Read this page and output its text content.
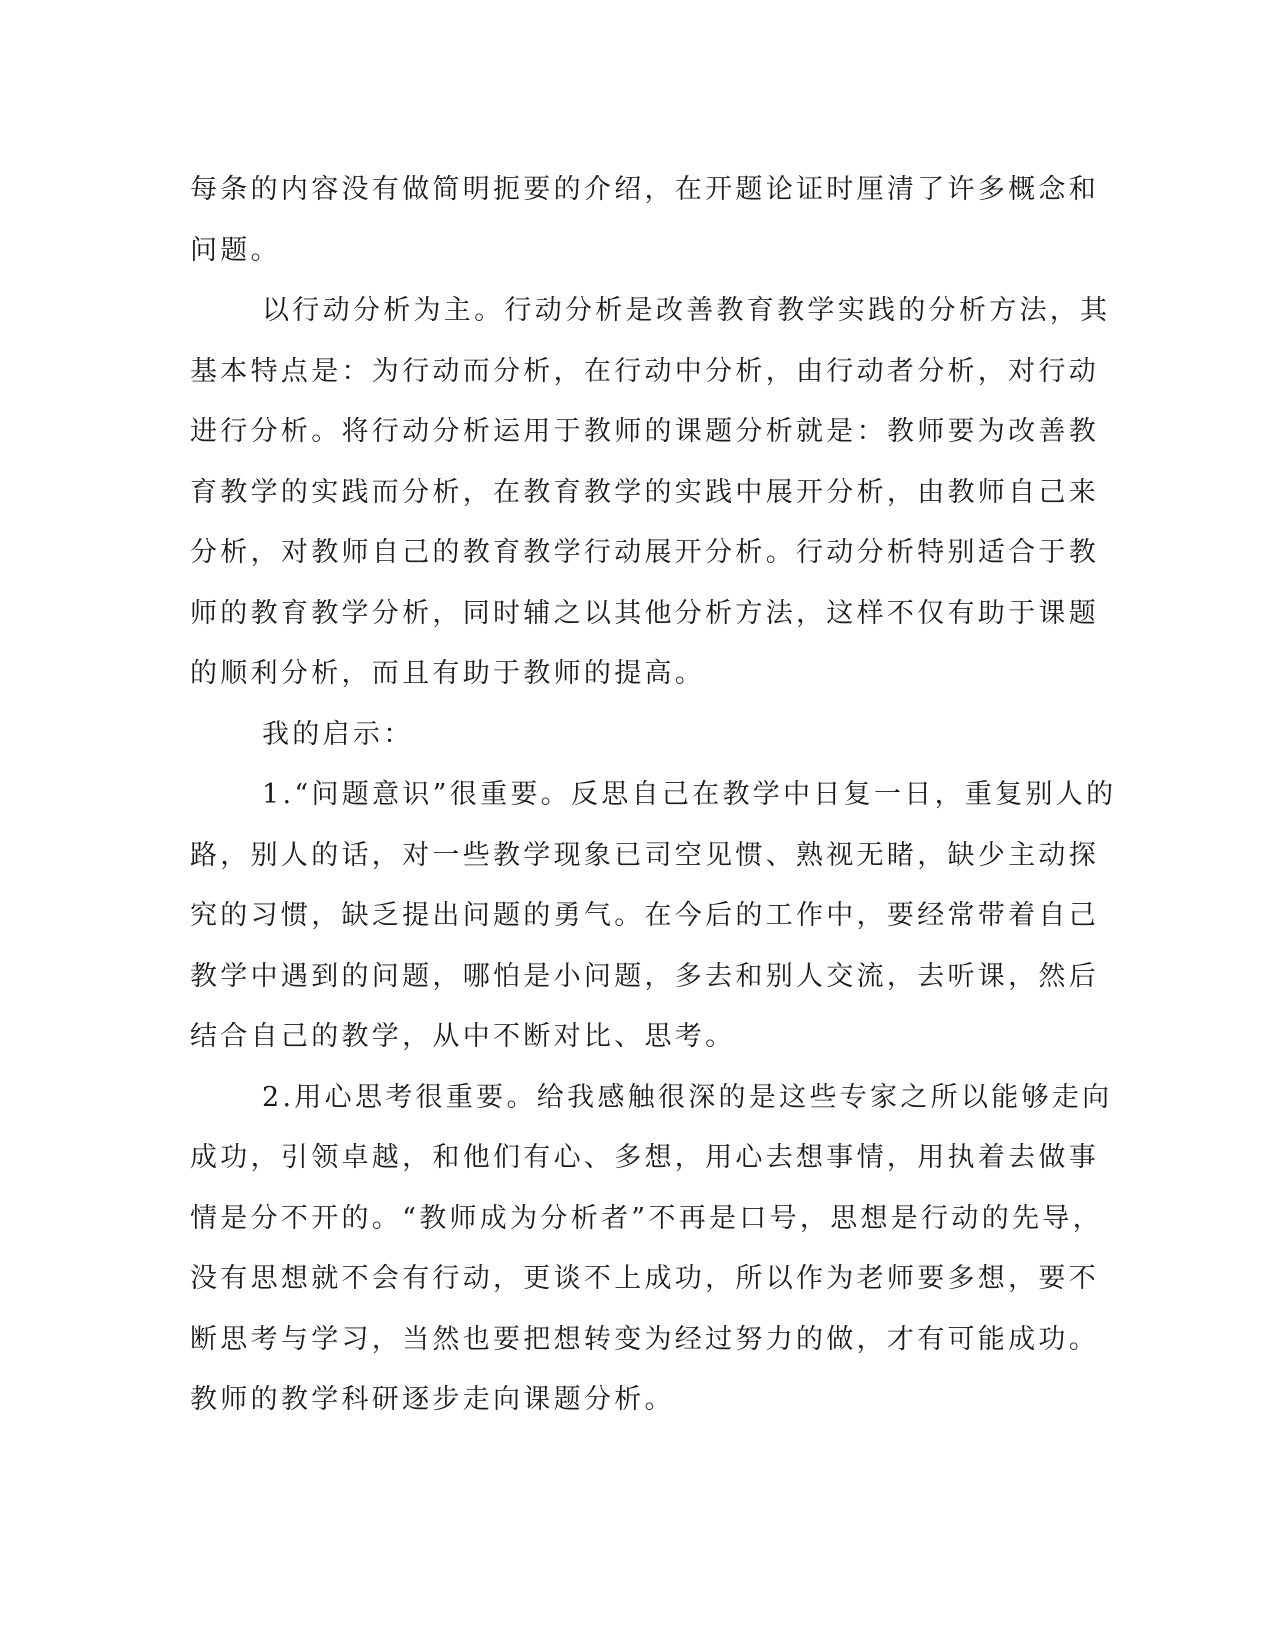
每条的内容没有做简明扼要的介绍，在开题论证时厘清了许多概念和
问题。
以行动分析为主。行动分析是改善教育教学实践的分析方法，其
基本特点是：为行动而分析，在行动中分析，由行动者分析，对行动
进行分析。将行动分析运用于教师的课题分析就是：教师要为改善教
育教学的实践而分析，在教育教学的实践中展开分析，由教师自己来
分析，对教师自己的教育教学行动展开分析。行动分析特别适合于教
师的教育教学分析，同时辅之以其他分析方法，这样不仅有助于课题
的顺利分析，而且有助于教师的提高。
我的启示：
1.“问题意识”很重要。反思自己在教学中日复一日，重复别人的
路，别人的话，对一些教学现象已司空见惯、熟视无睹，缺少主动探
究的习惯，缺乏提出问题的勇气。在今后的工作中，要经常带着自己
教学中遇到的问题，哪怕是小问题，多去和别人交流，去听课，然后
结合自己的教学，从中不断对比、思考。
2.用心思考很重要。给我感触很深的是这些专家之所以能够走向
成功，引领卓越，和他们有心、多想，用心去想事情，用执着去做事
情是分不开的。“教师成为分析者”不再是口号，思想是行动的先导，
没有思想就不会有行动，更谈不上成功，所以作为老师要多想，要不
断思考与学习，当然也要把想转变为经过努力的做，才有可能成功。
教师的教学科研逐步走向课题分析。
